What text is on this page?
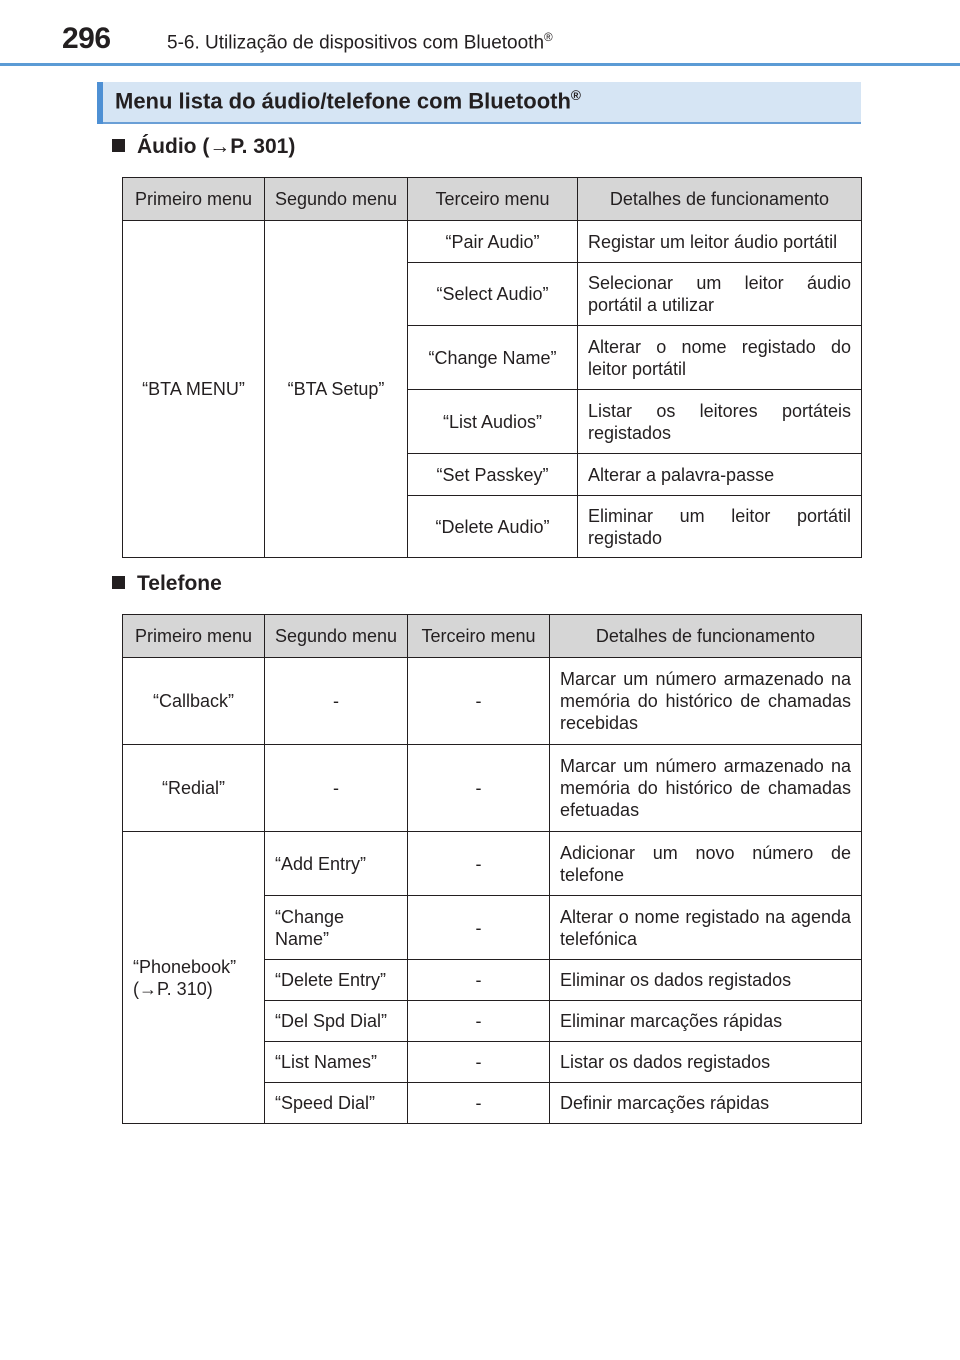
296	5-6. Utilização de dispositivos com Bluetooth®
Menu lista do áudio/telefone com Bluetooth®
Áudio (→P. 301)
Primeiro menu	Segundo menu	Terceiro menu	Detalhes de funcionamento
“BTA MENU”	“BTA Setup”	“Pair Audio”	Registar um leitor áudio portátil
		“Select Audio”	Selecionar um leitor áudio portátil a utilizar
		“Change Name”	Alterar o nome registado do leitor portátil
		“List Audios”	Listar os leitores portáteis registados
		“Set Passkey”	Alterar a palavra-passe
		“Delete Audio”	Eliminar um leitor portátil registado
Telefone
Primeiro menu	Segundo menu	Terceiro menu	Detalhes de funcionamento
“Callback”	-	-	Marcar um número armazenado na memória do histórico de chamadas recebidas
“Redial”	-	-	Marcar um número armazenado na memória do histórico de chamadas efetuadas
“Phonebook” (→P. 310)	“Add Entry”	-	Adicionar um novo número de telefone
	“Change Name”	-	Alterar o nome registado na agenda telefónica
	“Delete Entry”	-	Eliminar os dados registados
	“Del Spd Dial”	-	Eliminar marcações rápidas
	“List Names”	-	Listar os dados registados
	“Speed Dial”	-	Definir marcações rápidas
